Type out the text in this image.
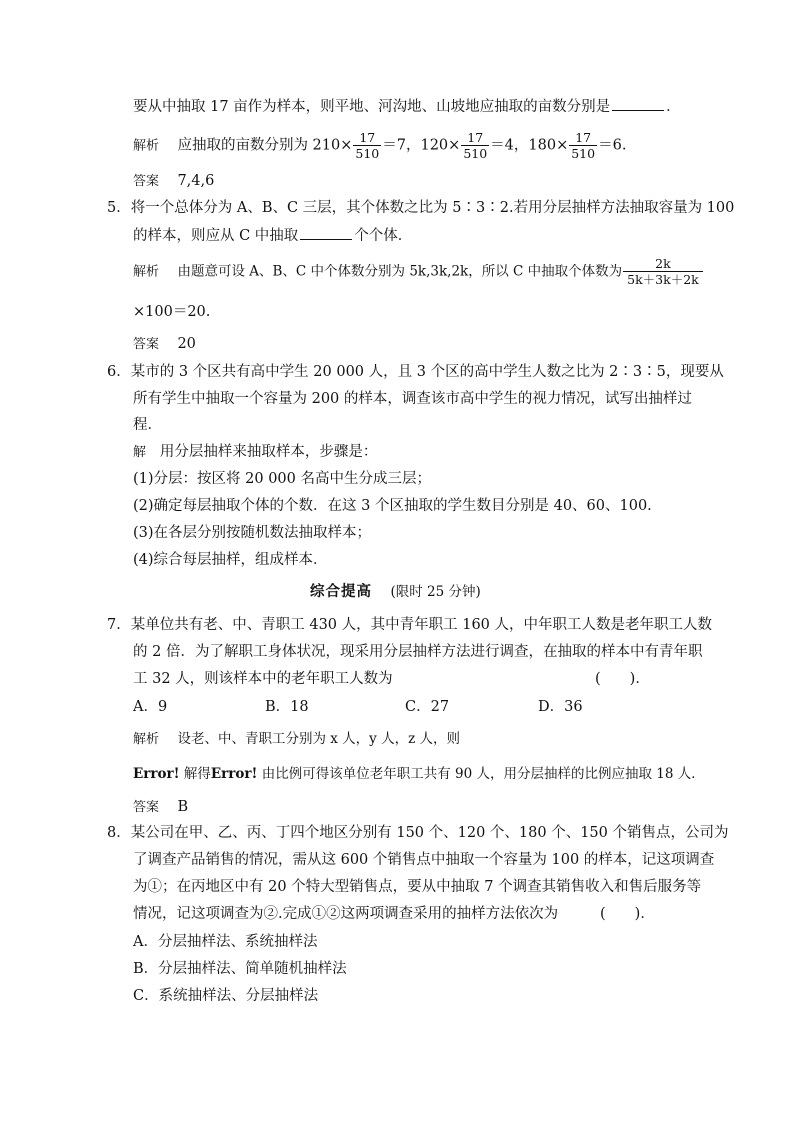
要从中抽取 17 亩作为样本，则平地、河沟地、山坡地应抽取的亩数分别是	．
解析 应抽取的亩数分别为 $210\times \frac{17}{510} =7$，$120\times \frac{17}{510} =4$，$180\times \frac{17}{510} =6$.
答案 7,4,6
5．将一个总体分为 A、B、C 三层，其个体数之比为 5∶3∶2.若用分层抽样方法抽取容量为 100
的样本，则应从 C 中抽取	个个体．
解析 由题意可设 A、B、C 中个体数分别为 5k,3k,2k，所以 C 中抽取个体数为 $\frac{2k}{5k+3k+2k}$
×100＝20.
答案 20
6．某市的 3 个区共有高中学生 20 000 人，且 3 个区的高中学生人数之比为 2∶3∶5，现要从
所有学生中抽取一个容量为 200 的样本，调查该市高中学生的视力情况，试写出抽样过
程．
解 用分层抽样来抽取样本，步骤是：
(1)分层：按区将 20 000 名高中生分成三层；
(2)确定每层抽取个体的个数．在这 3 个区抽取的学生数目分别是 40、60、100.
(3)在各层分别按随机数法抽取样本；
(4)综合每层抽样，组成样本．
综合提高 (限时 25 分钟)
7．某单位共有老、中、青职工 430 人，其中青年职工 160 人，中年职工人数是老年职工人数
的 2 倍．为了解职工身体状况，现采用分层抽样方法进行调查，在抽取的样本中有青年职
工 32 人，则该样本中的老年职工人数为	(　　)．
A．9	B．18	C．27	D．36
解析 设老、中、青职工分别为 x 人，y 人，z 人，则
Error! 解得Error! 由比例可得该单位老年职工共有 90 人，用分层抽样的比例应抽取 18 人．
答案 B
8．某公司在甲、乙、丙、丁四个地区分别有 150 个、120 个、180 个、150 个销售点，公司为
了调查产品销售的情况，需从这 600 个销售点中抽取一个容量为 100 的样本，记这项调查
为①；在丙地区中有 20 个特大型销售点，要从中抽取 7 个调查其销售收入和售后服务等
情况，记这项调查为②.完成①②这两项调查采用的抽样方法依次为	(　　)．
A．分层抽样法、系统抽样法
B．分层抽样法、简单随机抽样法
C．系统抽样法、分层抽样法
